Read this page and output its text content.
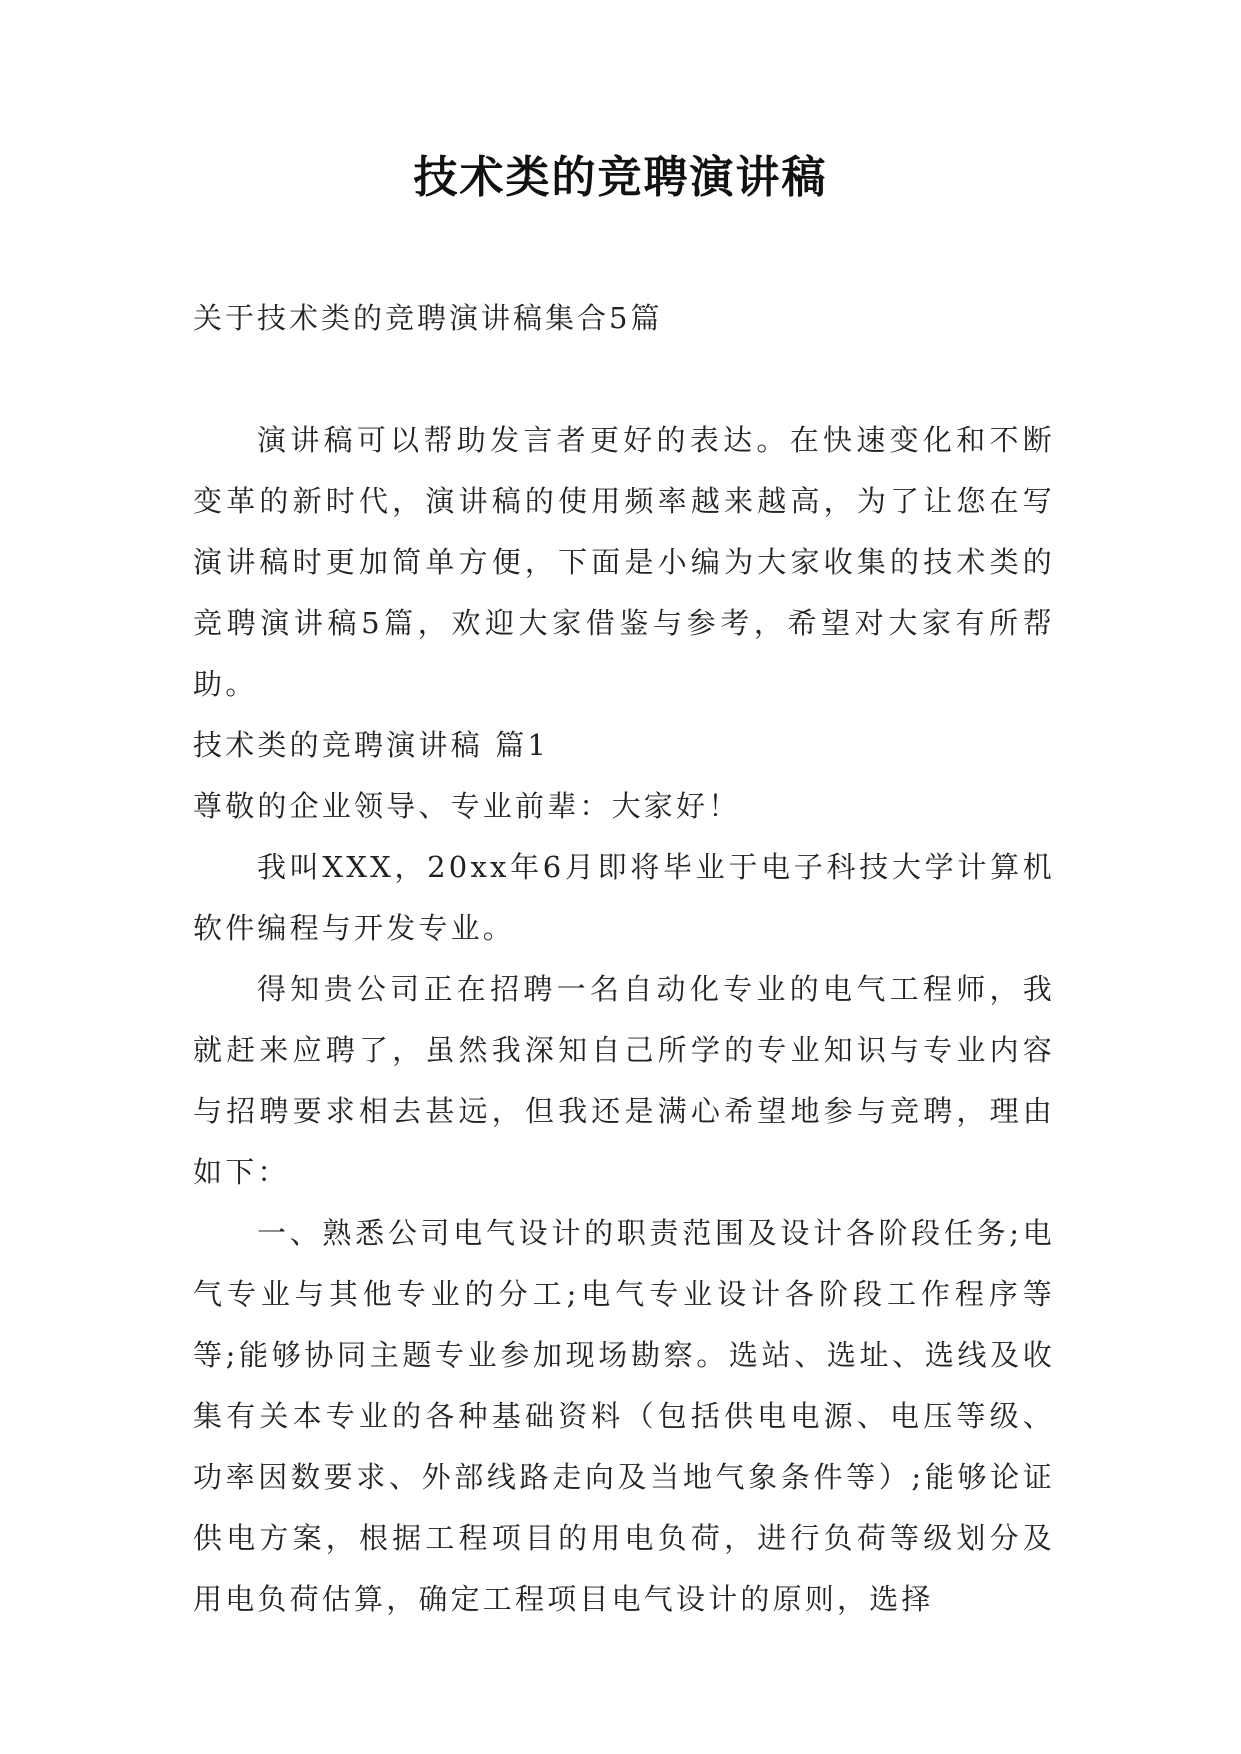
技术类的竞聘演讲稿
关于技术类的竞聘演讲稿集合5篇

演讲稿可以帮助发言者更好的表达。在快速变化和不断变革的新时代，演讲稿的使用频率越来越高，为了让您在写演讲稿时更加简单方便，下面是小编为大家收集的技术类的竞聘演讲稿5篇，欢迎大家借鉴与参考，希望对大家有所帮助。

技术类的竞聘演讲稿 篇1

尊敬的企业领导、专业前辈：大家好！

我叫XXX，20xx年6月即将毕业于电子科技大学计算机软件编程与开发专业。

得知贵公司正在招聘一名自动化专业的电气工程师，我就赶来应聘了，虽然我深知自己所学的专业知识与专业内容与招聘要求相去甚远，但我还是满心希望地参与竞聘，理由如下：

一、熟悉公司电气设计的职责范围及设计各阶段任务;电气专业与其他专业的分工;电气专业设计各阶段工作程序等等;能够协同主题专业参加现场勘察。选站、选址、选线及收集有关本专业的各种基础资料（包括供电电源、电压等级、功率因数要求、外部线路走向及当地气象条件等）;能够论证供电方案，根据工程项目的用电负荷，进行负荷等级划分及用电负荷估算，确定工程项目电气设计的原则，选择
